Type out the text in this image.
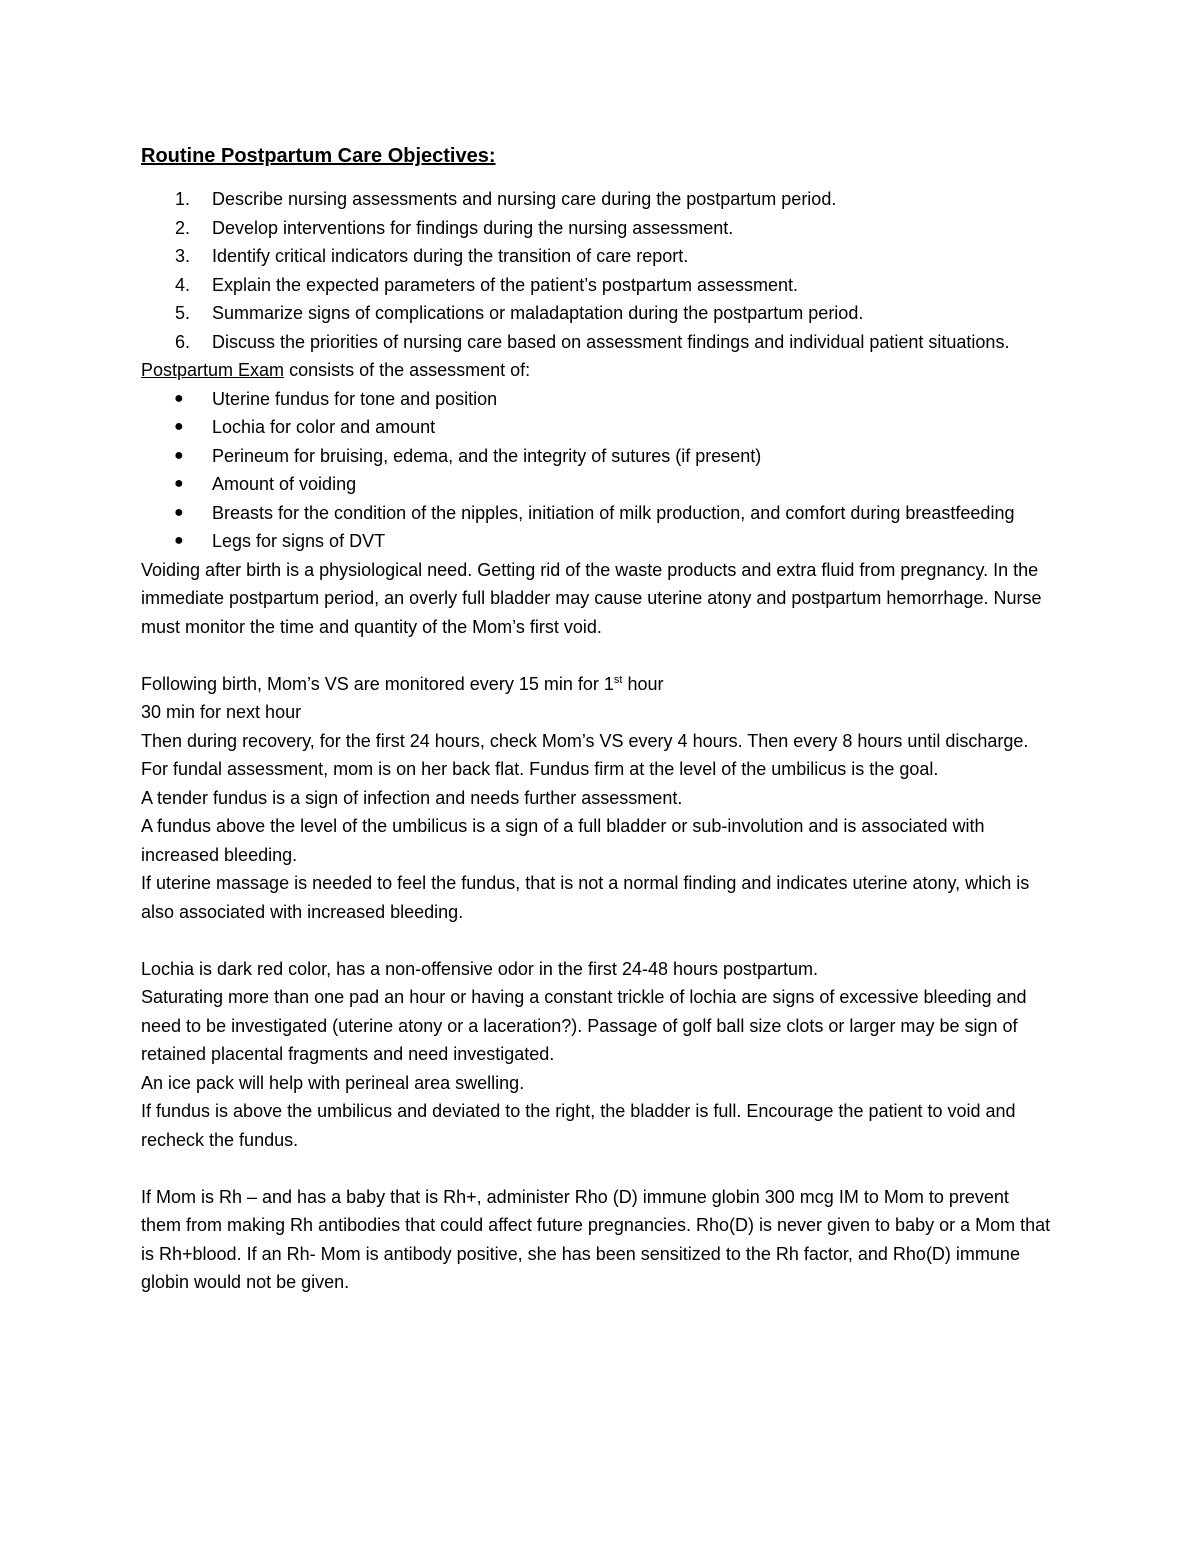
Routine Postpartum Care Objectives:
1. Describe nursing assessments and nursing care during the postpartum period.
2. Develop interventions for findings during the nursing assessment.
3. Identify critical indicators during the transition of care report.
4. Explain the expected parameters of the patient’s postpartum assessment.
5. Summarize signs of complications or maladaptation during the postpartum period.
6. Discuss the priorities of nursing care based on assessment findings and individual patient situations.

Postpartum Exam consists of the assessment of:

● Uterine fundus for tone and position
● Lochia for color and amount
● Perineum for bruising, edema, and the integrity of sutures (if present)
● Amount of voiding
● Breasts for the condition of the nipples, initiation of milk production, and comfort during breastfeeding
● Legs for signs of DVT

Voiding after birth is a physiological need. Getting rid of the waste products and extra fluid from pregnancy. In the immediate postpartum period, an overly full bladder may cause uterine atony and postpartum hemorrhage. Nurse must monitor the time and quantity of the Mom’s first void.

Following birth, Mom’s VS are monitored every 15 min for 1st hour

30 min for next hour

Then during recovery, for the first 24 hours, check Mom’s VS every 4 hours. Then every 8 hours until discharge.

For fundal assessment, mom is on her back flat. Fundus firm at the level of the umbilicus is the goal.

A tender fundus is a sign of infection and needs further assessment.

A fundus above the level of the umbilicus is a sign of a full bladder or sub-involution and is associated with increased bleeding.

If uterine massage is needed to feel the fundus, that is not a normal finding and indicates uterine atony, which is also associated with increased bleeding.

Lochia is dark red color, has a non-offensive odor in the first 24-48 hours postpartum.

Saturating more than one pad an hour or having a constant trickle of lochia are signs of excessive bleeding and need to be investigated (uterine atony or a laceration?). Passage of golf ball size clots or larger may be sign of retained placental fragments and need investigated.

An ice pack will help with perineal area swelling.

If fundus is above the umbilicus and deviated to the right, the bladder is full. Encourage the patient to void and recheck the fundus.

If Mom is Rh – and has a baby that is Rh+, administer Rho (D) immune globin 300 mcg IM to Mom to prevent them from making Rh antibodies that could affect future pregnancies. Rho(D) is never given to baby or a Mom that is Rh+blood. If an Rh- Mom is antibody positive, she has been sensitized to the Rh factor, and Rho(D) immune globin would not be given.
